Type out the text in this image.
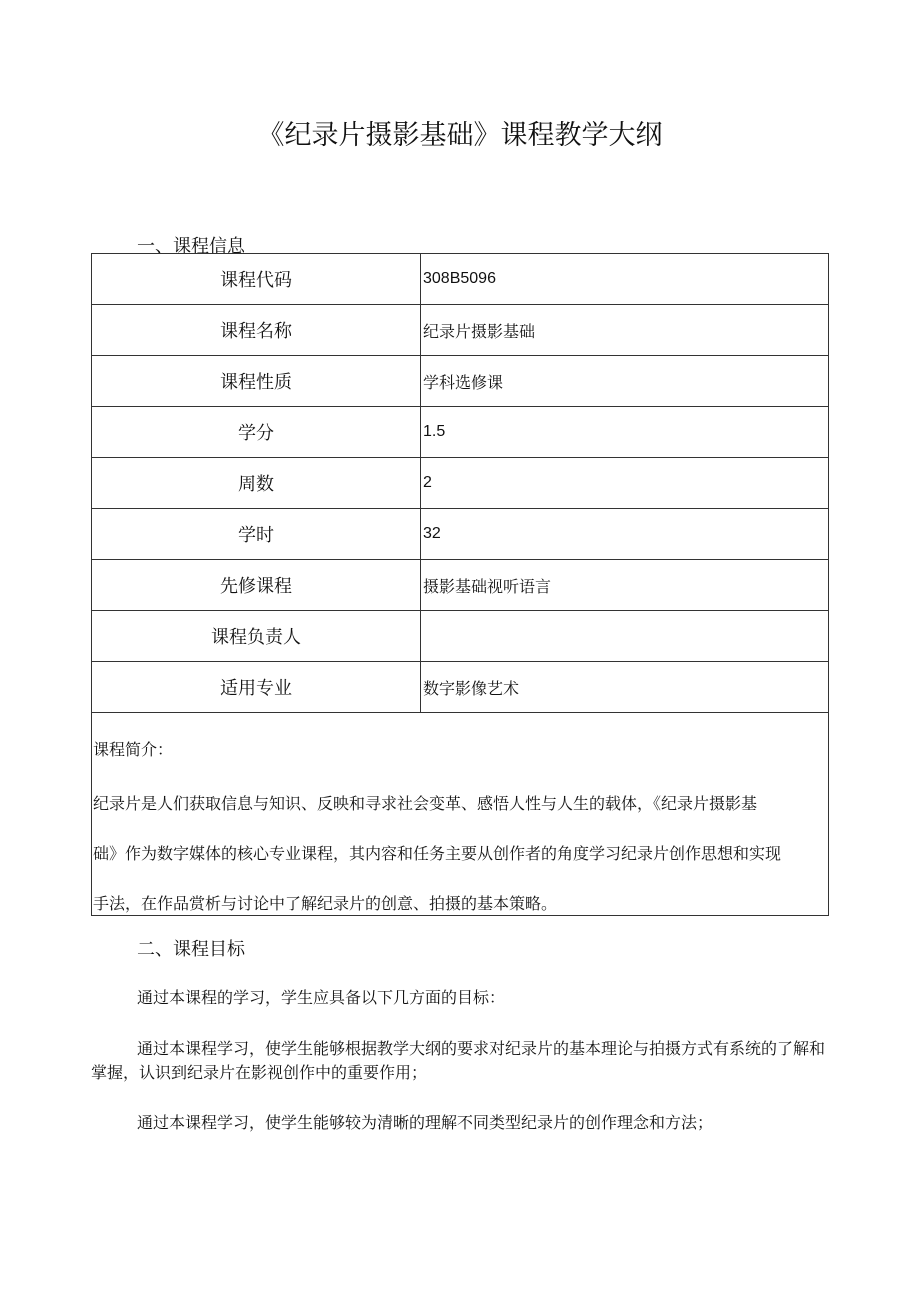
《纪录片摄影基础》课程教学大纲
一、课程信息
课程代码	308B5096
课程名称	纪录片摄影基础
课程性质	学科选修课
学分	1.5
周数	2
学时	32
先修课程	摄影基础视听语言
课程负责人
适用专业	数字影像艺术
课程简介：
纪录片是人们获取信息与知识、反映和寻求社会变革、感悟人性与人生的载体，《纪录片摄影基
础》作为数字媒体的核心专业课程，其内容和任务主要从创作者的角度学习纪录片创作思想和实现
手法，在作品赏析与讨论中了解纪录片的创意、拍摄的基本策略。
二、课程目标
通过本课程的学习，学生应具备以下几方面的目标：
通过本课程学习，使学生能够根据教学大纲的要求对纪录片的基本理论与拍摄方式有系统的了解和掌握，认识到纪录片在影视创作中的重要作用；
通过本课程学习，使学生能够较为清晰的理解不同类型纪录片的创作理念和方法；
